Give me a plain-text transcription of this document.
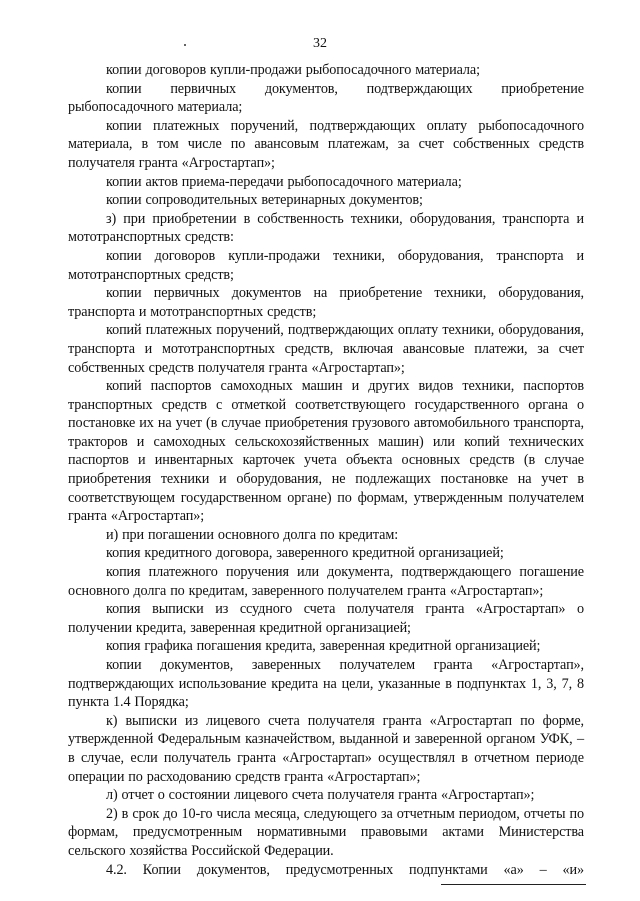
32

копии договоров купли-продажи рыбопосадочного материала;

копии первичных документов, подтверждающих приобретение рыбопосадочного материала;

копии платежных поручений, подтверждающих оплату рыбопосадочного материала, в том числе по авансовым платежам, за счет собственных средств получателя гранта «Агростартап»;

копии актов приема-передачи рыбопосадочного материала;

копии сопроводительных ветеринарных документов;

з) при приобретении в собственность техники, оборудования, транспорта и мототранспортных средств:

копии договоров купли-продажи техники, оборудования, транспорта и мототранспортных средств;

копии первичных документов на приобретение техники, оборудования, транспорта и мототранспортных средств;

копий платежных поручений, подтверждающих оплату техники, оборудования, транспорта и мототранспортных средств, включая авансовые платежи, за счет собственных средств получателя гранта «Агростартап»;

копий паспортов самоходных машин и других видов техники, паспортов транспортных средств с отметкой соответствующего государственного органа о постановке их на учет (в случае приобретения грузового автомобильного транспорта, тракторов и самоходных сельскохозяйственных машин) или копий технических паспортов и инвентарных карточек учета объекта основных средств (в случае приобретения техники и оборудования, не подлежащих постановке на учет в соответствующем государственном органе) по формам, утвержденным получателем гранта «Агростартап»;

и) при погашении основного долга по кредитам:

копия кредитного договора, заверенного кредитной организацией;

копия платежного поручения или документа, подтверждающего погашение основного долга по кредитам, заверенного получателем гранта «Агростартап»;

копия выписки из ссудного счета получателя гранта «Агростартап» о получении кредита, заверенная кредитной организацией;

копия графика погашения кредита, заверенная кредитной организацией;

копии документов, заверенных получателем гранта «Агростартап», подтверждающих использование кредита на цели, указанные в подпунктах 1, 3, 7, 8 пункта 1.4 Порядка;

к) выписки из лицевого счета получателя гранта «Агростартап по форме, утвержденной Федеральным казначейством, выданной и заверенной органом УФК, – в случае, если получатель гранта «Агростартап» осуществлял в отчетном периоде операции по расходованию средств гранта «Агростартап»;

л) отчет о состоянии лицевого счета получателя гранта «Агростартап»;

2) в срок до 10-го числа месяца, следующего за отчетным периодом, отчеты по формам, предусмотренным нормативными правовыми актами Министерства сельского хозяйства Российской Федерации.

4.2. Копии документов, предусмотренных подпунктами «а» – «и»
